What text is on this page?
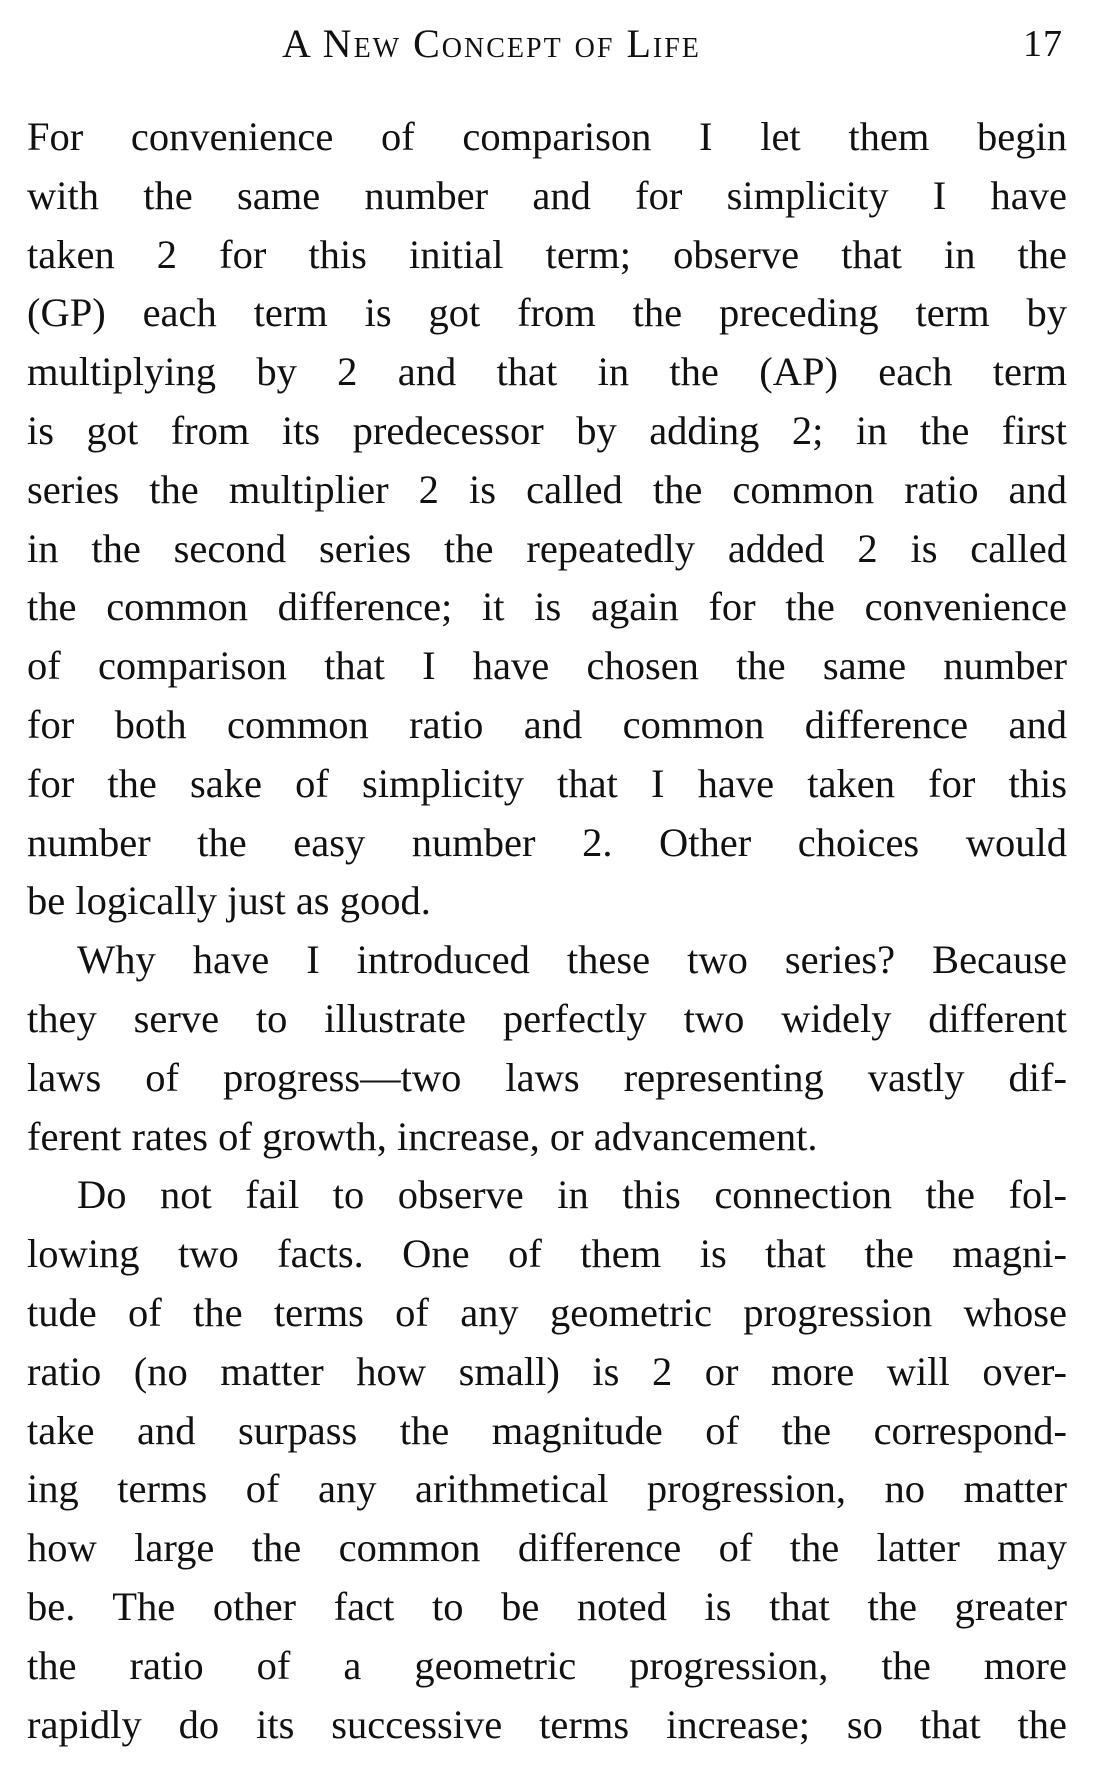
A New Concept of Life	17
For convenience of comparison I let them begin
with the same number and for simplicity I have
taken 2 for this initial term; observe that in the
(GP) each term is got from the preceding term by
multiplying by 2 and that in the (AP) each term
is got from its predecessor by adding 2; in the first
series the multiplier 2 is called the common ratio and
in the second series the repeatedly added 2 is called
the common difference; it is again for the convenience
of comparison that I have chosen the same number
for both common ratio and common difference and
for the sake of simplicity that I have taken for this
number the easy number 2. Other choices would
be logically just as good.
Why have I introduced these two series? Because
they serve to illustrate perfectly two widely different
laws of progress—two laws representing vastly dif-
ferent rates of growth, increase, or advancement.
Do not fail to observe in this connection the fol-
lowing two facts. One of them is that the magni-
tude of the terms of any geometric progression whose
ratio (no matter how small) is 2 or more will over-
take and surpass the magnitude of the correspond-
ing terms of any arithmetical progression, no matter
how large the common difference of the latter may
be. The other fact to be noted is that the greater
the ratio of a geometric progression, the more
rapidly do its successive terms increase; so that the
